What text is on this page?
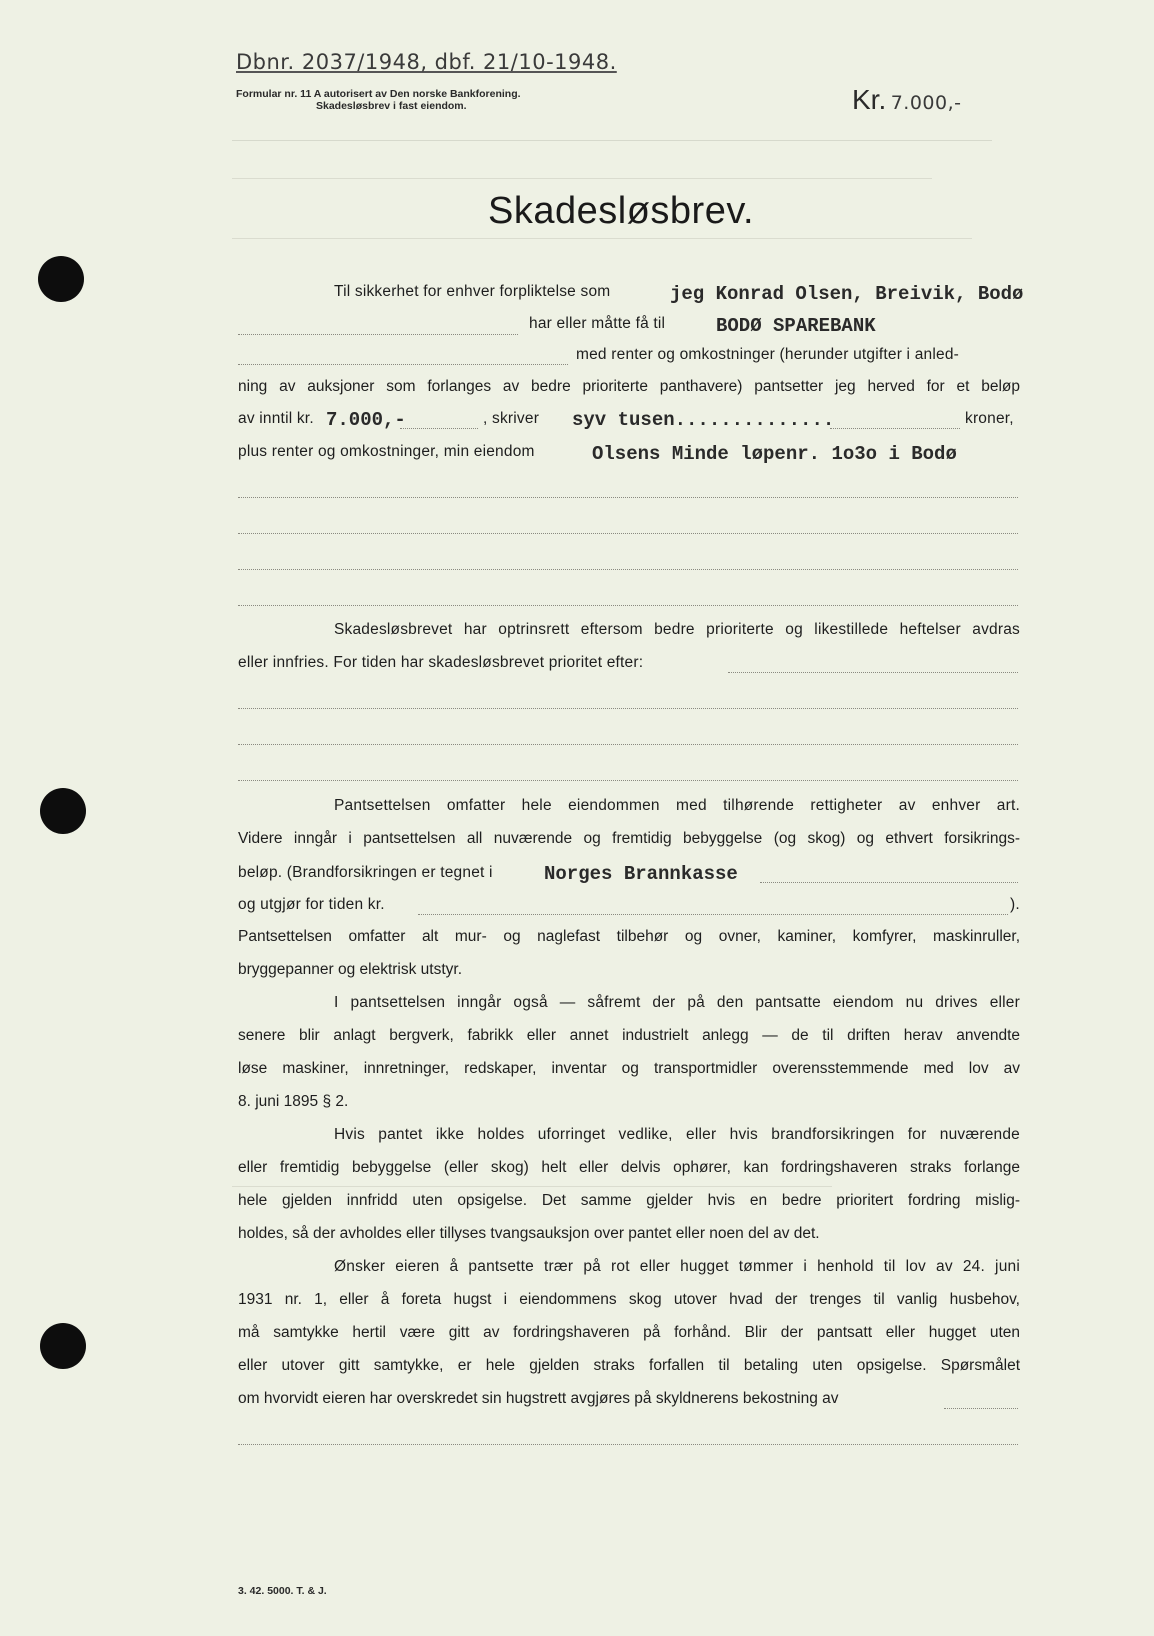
Dbnr. 2037/1948, dbf. 21/10-1948.
Formular nr. 11 A autorisert av Den norske Bankforening.
Skadesløsbrev i fast eiendom.	Kr. 7.000,-
Skadesløsbrev.
Til sikkerhet for enhver forpliktelse som	jeg Konrad Olsen, Breivik, Bodø
har eller måtte få til	BODØ SPAREBANK
med renter og omkostninger (herunder utgifter i anled-
ning av auksjoner som forlanges av bedre prioriterte panthavere) pantsetter jeg herved for et beløp
av inntil kr. 7.000,-	, skriver syv tusen..............	kroner,
plus renter og omkostninger, min eiendom	Olsens Minde løpenr. 1o3o i Bodø
Skadesløsbrevet har optrinsrett eftersom bedre prioriterte og likestillede heftelser avdras
eller innfries. For tiden har skadesløsbrevet prioritet efter:
Pantsettelsen omfatter hele eiendommen med tilhørende rettigheter av enhver art.
Videre inngår i pantsettelsen all nuværende og fremtidig bebyggelse (og skog) og ethvert forsikrings-
beløp. (Brandforsikringen er tegnet i	Norges Brannkasse
og utgjør for tiden kr.	).
Pantsettelsen omfatter alt mur- og naglefast tilbehør og ovner, kaminer, komfyrer, maskinruller,
bryggepanner og elektrisk utstyr.
I pantsettelsen inngår også — såfremt der på den pantsatte eiendom nu drives eller
senere blir anlagt bergverk, fabrikk eller annet industrielt anlegg — de til driften herav anvendte
løse maskiner, innretninger, redskaper, inventar og transportmidler overensstemmende med lov av
8. juni 1895 § 2.
Hvis pantet ikke holdes uforringet vedlike, eller hvis brandforsikringen for nuværende
eller fremtidig bebyggelse (eller skog) helt eller delvis ophører, kan fordringshaveren straks forlange
hele gjelden innfridd uten opsigelse. Det samme gjelder hvis en bedre prioritert fordring mislig-
holdes, så der avholdes eller tillyses tvangsauksjon over pantet eller noen del av det.
Ønsker eieren å pantsette trær på rot eller hugget tømmer i henhold til lov av 24. juni
1931 nr. 1, eller å foreta hugst i eiendommens skog utover hvad der trenges til vanlig husbehov,
må samtykke hertil være gitt av fordringshaveren på forhånd. Blir der pantsatt eller hugget uten
eller utover gitt samtykke, er hele gjelden straks forfallen til betaling uten opsigelse. Spørsmålet
om hvorvidt eieren har overskredet sin hugstrett avgjøres på skyldnerens bekostning av
3. 42. 5000. T. & J.
